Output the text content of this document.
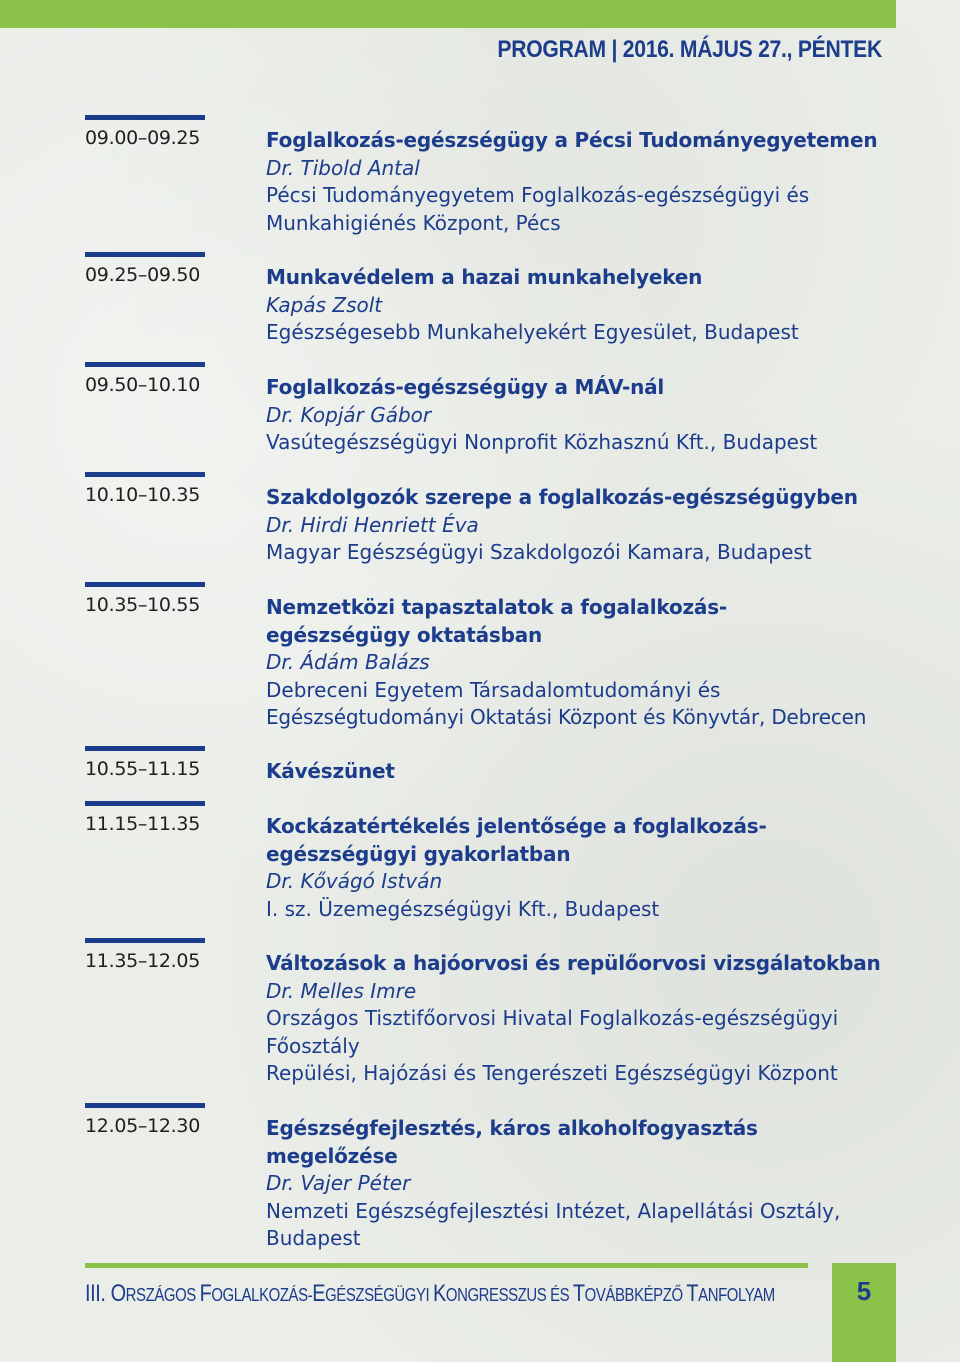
PROGRAM | 2016. MÁJUS 27., PÉNTEK
09.00–09.25	Foglalkozás-egészségügy a Pécsi Tudományegyetemen
Dr. Tibold Antal
Pécsi Tudományegyetem Foglalkozás-egészségügyi és
Munkahigiénés Központ, Pécs
09.25–09.50	Munkavédelem a hazai munkahelyeken
Kapás Zsolt
Egészségesebb Munkahelyekért Egyesület, Budapest
09.50–10.10	Foglalkozás-egészségügy a MÁV-nál
Dr. Kopjár Gábor
Vasútegészségügyi Nonprofit Közhasznú Kft., Budapest
10.10–10.35	Szakdolgozók szerepe a foglalkozás-egészségügyben
Dr. Hirdi Henriett Éva
Magyar Egészségügyi Szakdolgozói Kamara, Budapest
10.35–10.55	Nemzetközi tapasztalatok a fogalalkozás-egészségügy oktatásban
Dr. Ádám Balázs
Debreceni Egyetem Társadalomtudományi és
Egészségtudományi Oktatási Központ és Könyvtár, Debrecen
10.55–11.15	Kávészünet
11.15–11.35	Kockázatértékelés jelentősége a foglalkozás-egészségügyi gyakorlatban
Dr. Kővágó István
I. sz. Üzemegészségügyi Kft., Budapest
11.35–12.05	Változások a hajóorvosi és repülőorvosi vizsgálatokban
Dr. Melles Imre
Országos Tisztifőorvosi Hivatal Foglalkozás-egészségügyi Főosztály
Repülési, Hajózási és Tengerészeti Egészségügyi Központ
12.05–12.30	Egészségfejlesztés, káros alkoholfogyasztás megelőzése
Dr. Vajer Péter
Nemzeti Egészségfejlesztési Intézet, Alapellátási Osztály, Budapest
III. ORSZÁGOS FOGLALKOZÁS-EGÉSZSÉGÜGYI KONGRESSZUS ÉS TOVÁBBKÉPZŐ TANFOLYAM	5
